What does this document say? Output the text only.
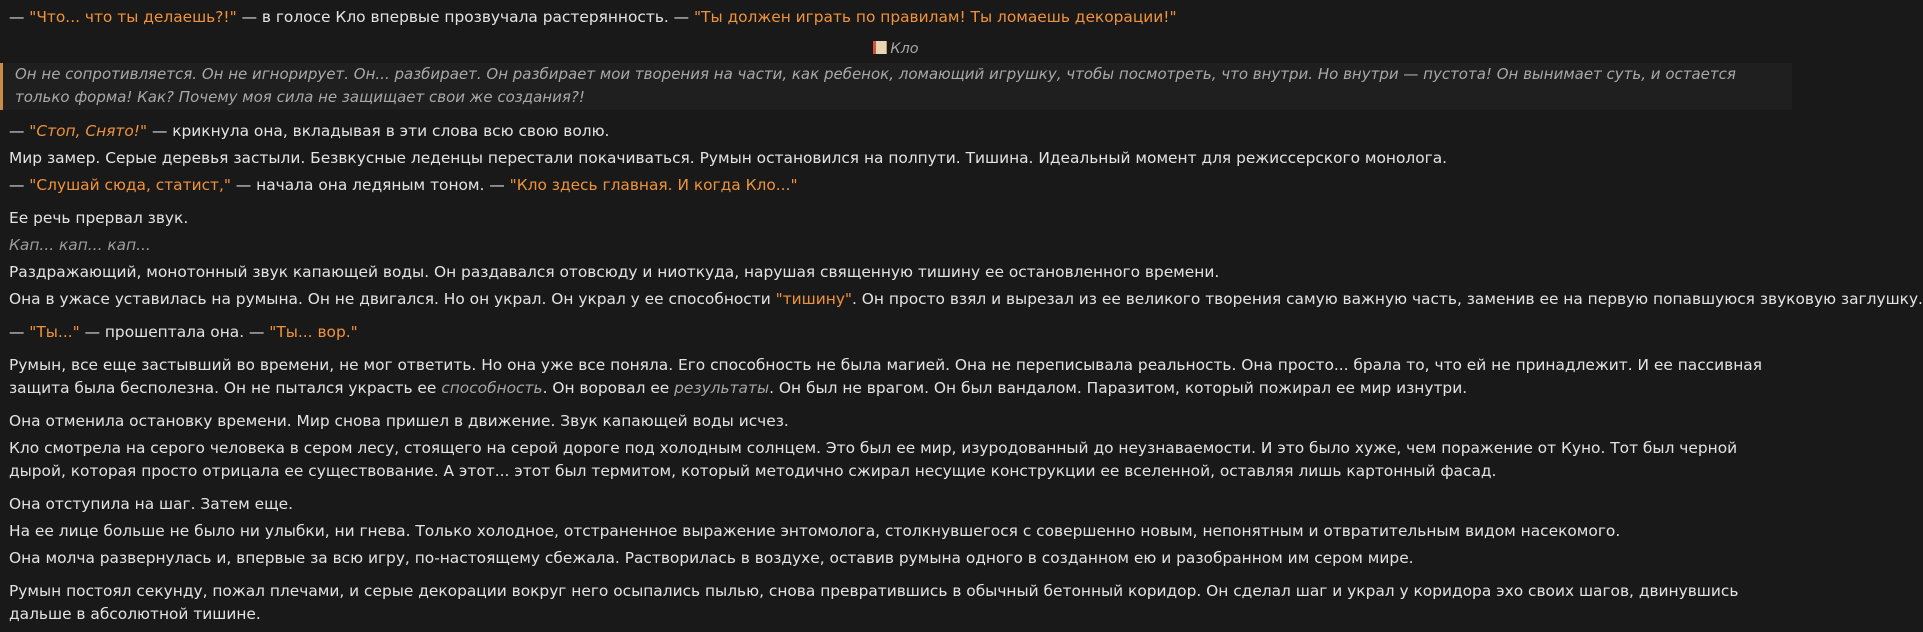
— "Что... что ты делаешь?!" — в голосе Кло впервые прозвучала растерянность. — "Ты должен играть по правилам! Ты ломаешь декорации!"

Кло
Он не сопротивляется. Он не игнорирует. Он... разбирает. Он разбирает мои творения на части, как ребенок, ломающий игрушку, чтобы посмотреть, что внутри. Но внутри — пустота! Он вынимает суть, и остается только форма! Как? Почему моя сила не защищает свои же создания?!

— "Стоп, Снято!" — крикнула она, вкладывая в эти слова всю свою волю.

Мир замер. Серые деревья застыли. Безвкусные леденцы перестали покачиваться. Румын остановился на полпути. Тишина. Идеальный момент для режиссерского монолога.

— "Слушай сюда, статист," — начала она ледяным тоном. — "Кло здесь главная. И когда Кло..."

Ее речь прервал звук.

Кап... кап... кап...

Раздражающий, монотонный звук капающей воды. Он раздавался отовсюду и ниоткуда, нарушая священную тишину ее остановленного времени.

Она в ужасе уставилась на румына. Он не двигался. Но он украл. Он украл у ее способности "тишину". Он просто взял и вырезал из ее великого творения самую важную часть, заменив ее на первую попавшуюся звуковую заглушку.

— "Ты..." — прошептала она. — "Ты... вор."

Румын, все еще застывший во времени, не мог ответить. Но она уже все поняла. Его способность не была магией. Она не переписывала реальность. Она просто... брала то, что ей не принадлежит. И ее пассивная защита была бесполезна. Он не пытался украсть ее способность. Он воровал ее результаты. Он был не врагом. Он был вандалом. Паразитом, который пожирал ее мир изнутри.

Она отменила остановку времени. Мир снова пришел в движение. Звук капающей воды исчез.

Кло смотрела на серого человека в сером лесу, стоящего на серой дороге под холодным солнцем. Это был ее мир, изуродованный до неузнаваемости. И это было хуже, чем поражение от Куно. Тот был черной дырой, которая просто отрицала ее существование. А этот... этот был термитом, который методично сжирал несущие конструкции ее вселенной, оставляя лишь картонный фасад.

Она отступила на шаг. Затем еще.

На ее лице больше не было ни улыбки, ни гнева. Только холодное, отстраненное выражение энтомолога, столкнувшегося с совершенно новым, непонятным и отвратительным видом насекомого.

Она молча развернулась и, впервые за всю игру, по-настоящему сбежала. Растворилась в воздухе, оставив румына одного в созданном ею и разобранном им сером мире.

Румын постоял секунду, пожал плечами, и серые декорации вокруг него осыпались пылью, снова превратившись в обычный бетонный коридор. Он сделал шаг и украл у коридора эхо своих шагов, двинувшись дальше в абсолютной тишине.
